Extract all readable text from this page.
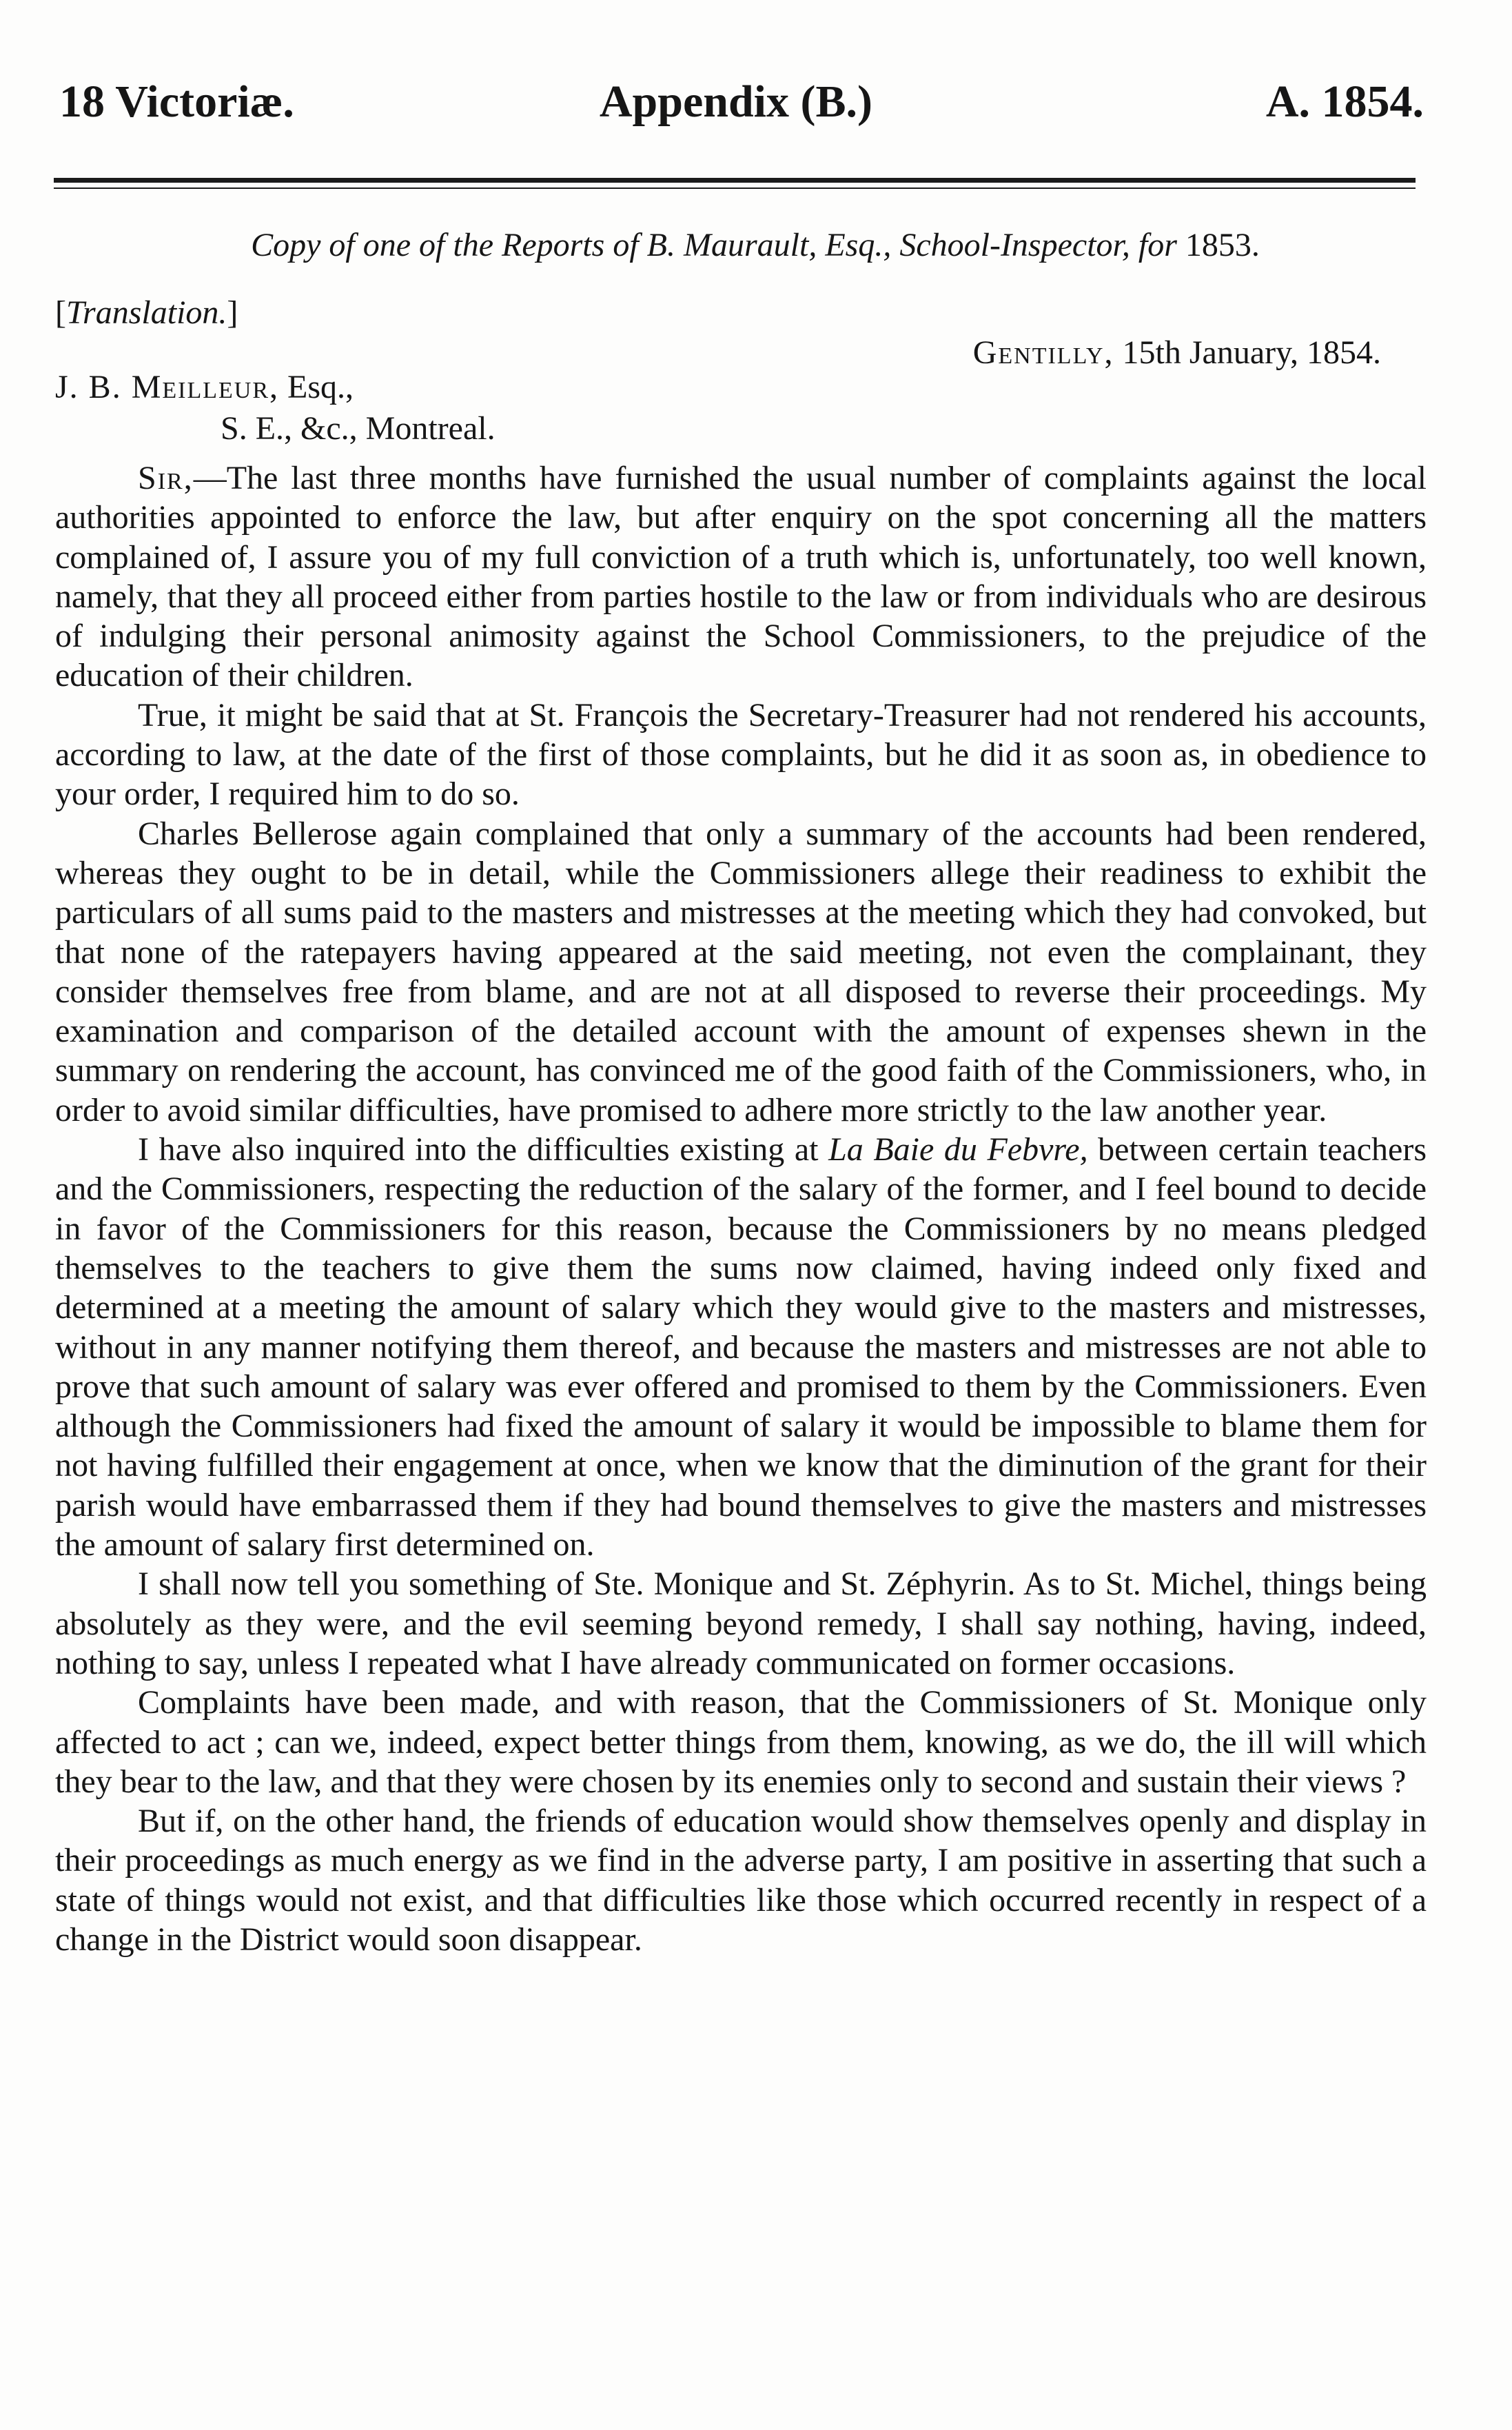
18 Victoriæ.	Appendix (B.)	A. 1854.
Copy of one of the Reports of B. Maurault, Esq., School-Inspector, for 1853.
[Translation.]
Gentilly, 15th January, 1854.
J. B. Meilleur, Esq.,
S. E., &c., Montreal.

Sir,—The last three months have furnished the usual number of complaints against the local authorities appointed to enforce the law, but after enquiry on the spot concerning all the matters complained of, I assure you of my full conviction of a truth which is, unfortunately, too well known, namely, that they all proceed either from parties hostile to the law or from individuals who are desirous of indulging their personal animosity against the School Commissioners, to the prejudice of the education of their children.

True, it might be said that at St. François the Secretary-Treasurer had not rendered his accounts, according to law, at the date of the first of those complaints, but he did it as soon as, in obedience to your order, I required him to do so.

Charles Bellerose again complained that only a summary of the accounts had been rendered, whereas they ought to be in detail, while the Commissioners allege their readiness to exhibit the particulars of all sums paid to the masters and mistresses at the meeting which they had convoked, but that none of the ratepayers having appeared at the said meeting, not even the complainant, they consider themselves free from blame, and are not at all disposed to reverse their proceedings. My examination and comparison of the detailed account with the amount of expenses shewn in the summary on rendering the account, has convinced me of the good faith of the Commissioners, who, in order to avoid similar difficulties, have promised to adhere more strictly to the law another year.

I have also inquired into the difficulties existing at La Baie du Febvre, between certain teachers and the Commissioners, respecting the reduction of the salary of the former, and I feel bound to decide in favor of the Commissioners for this reason, because the Commissioners by no means pledged themselves to the teachers to give them the sums now claimed, having indeed only fixed and determined at a meeting the amount of salary which they would give to the masters and mistresses, without in any manner notifying them thereof, and because the masters and mistresses are not able to prove that such amount of salary was ever offered and promised to them by the Commissioners. Even although the Commissioners had fixed the amount of salary it would be impossible to blame them for not having fulfilled their engagement at once, when we know that the diminution of the grant for their parish would have embarrassed them if they had bound themselves to give the masters and mistresses the amount of salary first determined on.

I shall now tell you something of Ste. Monique and St. Zéphyrin. As to St. Michel, things being absolutely as they were, and the evil seeming beyond remedy, I shall say nothing, having, indeed, nothing to say, unless I repeated what I have already communicated on former occasions.

Complaints have been made, and with reason, that the Commissioners of St. Monique only affected to act ; can we, indeed, expect better things from them, knowing, as we do, the ill will which they bear to the law, and that they were chosen by its enemies only to second and sustain their views ?

But if, on the other hand, the friends of education would show themselves openly and display in their proceedings as much energy as we find in the adverse party, I am positive in asserting that such a state of things would not exist, and that difficulties like those which occurred recently in respect of a change in the District would soon disappear.
